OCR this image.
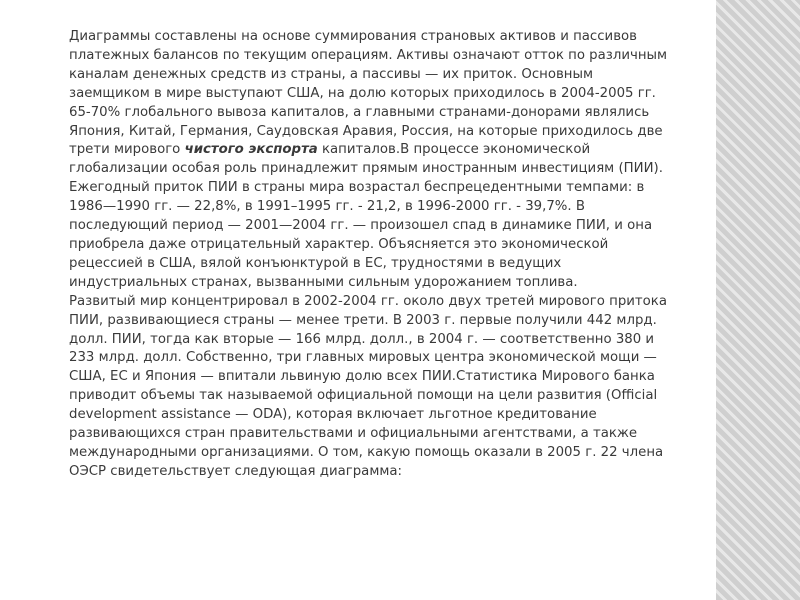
Диаграммы составлены на основе суммирования страновых активов и пассивов платежных балансов по текущим операциям. Активы означают отток по различным каналам денежных средств из страны, а пассивы — их приток. Основным заемщиком в мире выступают США, на долю которых приходилось в 2004-2005 гг. 65-70% глобального вывоза капиталов, а главными странами-донорами являлись Япония, Китай, Германия, Саудовская Аравия, Россия, на которые приходилось две трети мирового чистого экспорта капиталов.В процессе экономической глобализации особая роль принадлежит прямым иностранным инвестициям (ПИИ). Ежегодный приток ПИИ в страны мира возрастал беспрецедентными темпами: в 1986—1990 гг. — 22,8%, в 1991–1995 гг. - 21,2, в 1996-2000 гг. - 39,7%. В последующий период — 2001—2004 гг. — произошел спад в динамике ПИИ, и она приобрела даже отрицательный характер. Объясняется это экономической рецессией в США, вялой конъюнктурой в ЕС, трудностями в ведущих индустриальных странах, вызванными сильным удорожанием топлива.
Развитый мир концентрировал в 2002-2004 гг. около двух третей мирового притока ПИИ, развивающиеся страны — менее трети. В 2003 г. первые получили 442 млрд. долл. ПИИ, тогда как вторые — 166 млрд. долл., в 2004 г. — соответственно 380 и 233 млрд. долл. Собственно, три главных мировых центра экономической мощи — США, ЕС и Япония — впитали львиную долю всех ПИИ.Статистика Мирового банка приводит объемы так называемой официальной помощи на цели развития (Official development assistance — ODA), которая включает льготное кредитование развивающихся стран правительствами и официальными агентствами, а также международными организациями. О том, какую помощь оказали в 2005 г. 22 члена ОЭСР свидетельствует следующая диаграмма:
